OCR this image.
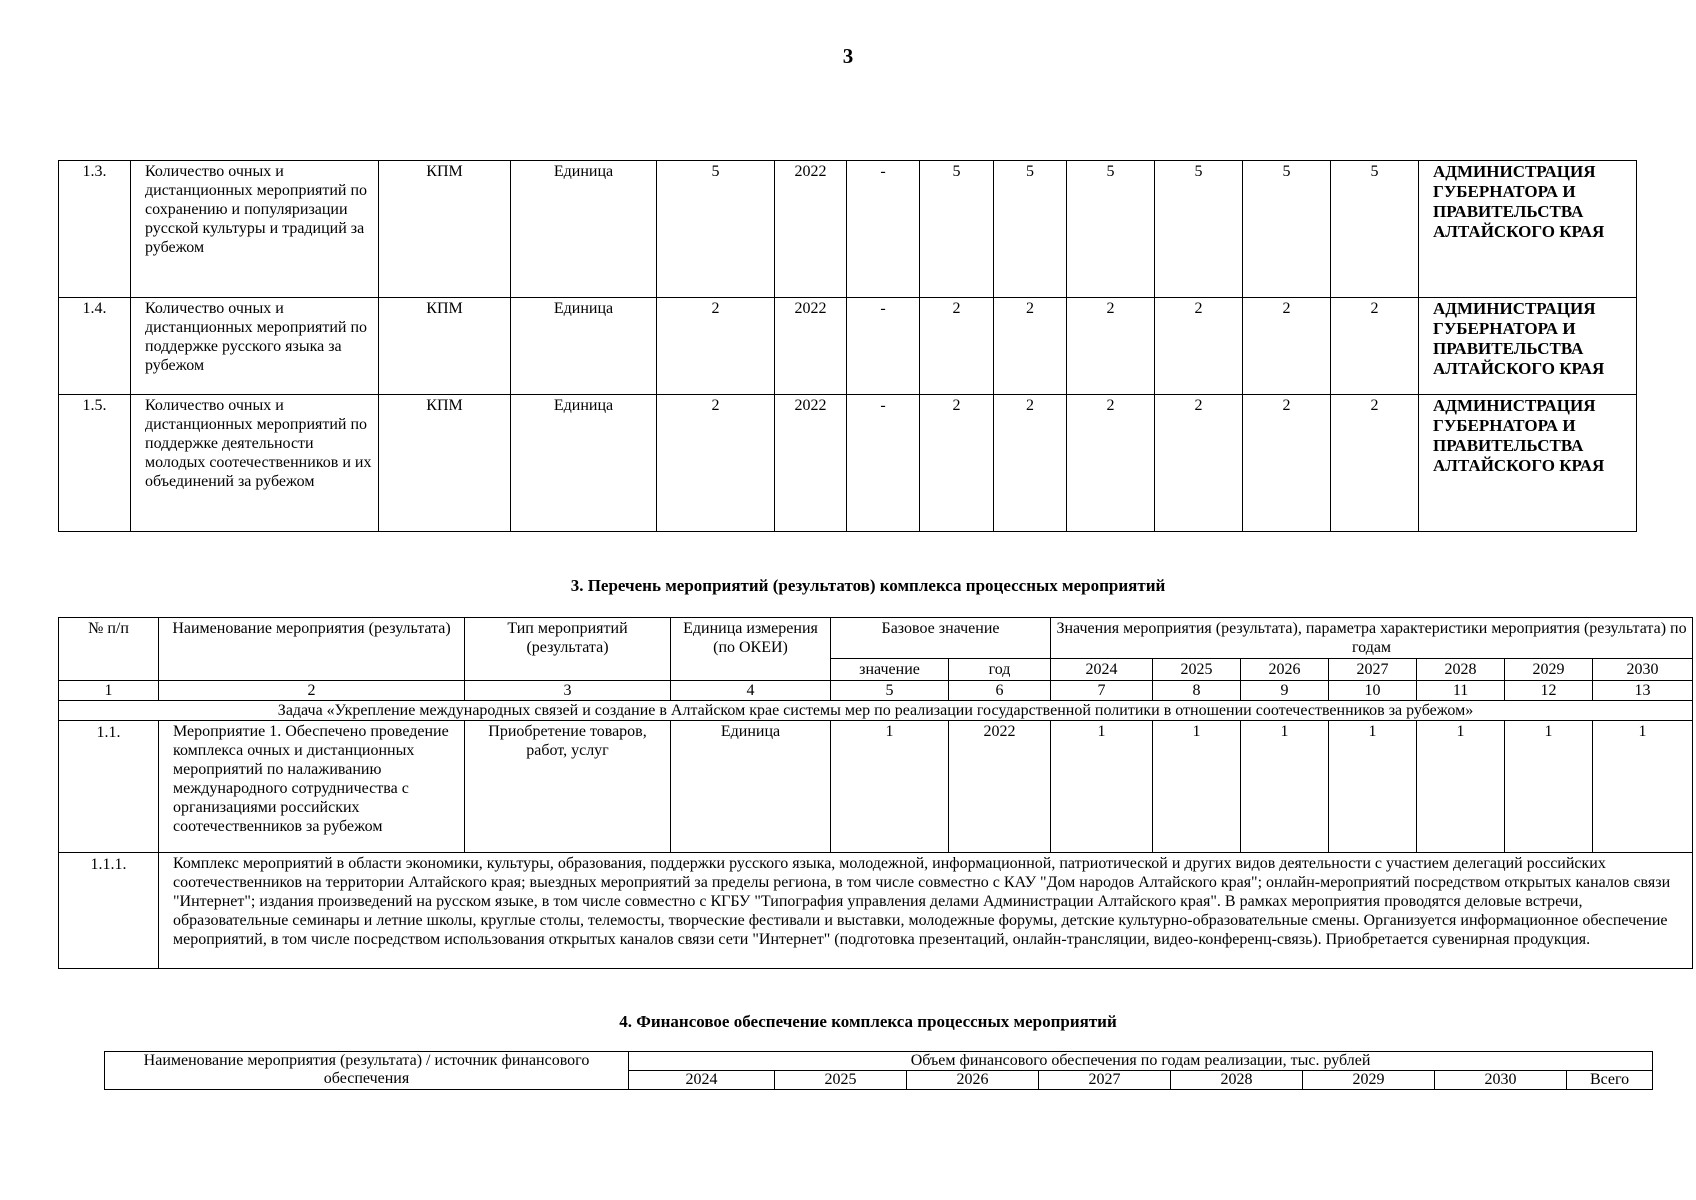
3
1.3.	Количество очных и дистанционных мероприятий по сохранению и популяризации русской культуры и традиций за рубежом	КПМ	Единица	5	2022	-	5	5	5	5	5	5	АДМИНИСТРАЦИЯ ГУБЕРНАТОРА И ПРАВИТЕЛЬСТВА АЛТАЙСКОГО КРАЯ
1.4.	Количество очных и дистанционных мероприятий по поддержке русского языка за рубежом	КПМ	Единица	2	2022	-	2	2	2	2	2	2	АДМИНИСТРАЦИЯ ГУБЕРНАТОРА И ПРАВИТЕЛЬСТВА АЛТАЙСКОГО КРАЯ
1.5.	Количество очных и дистанционных мероприятий по поддержке деятельности молодых соотечественников и их объединений за рубежом	КПМ	Единица	2	2022	-	2	2	2	2	2	2	АДМИНИСТРАЦИЯ ГУБЕРНАТОРА И ПРАВИТЕЛЬСТВА АЛТАЙСКОГО КРАЯ
3. Перечень мероприятий (результатов) комплекса процессных мероприятий
№ п/п	Наименование мероприятия (результата)	Тип мероприятий (результата)	Единица измерения (по ОКЕИ)	Базовое значение		Значения мероприятия (результата), параметра характеристики мероприятия (результата) по годам						
				значение	год	2024	2025	2026	2027	2028	2029	2030
1	2	3	4	5	6	7	8	9	10	11	12	13
Задача «Укрепление международных связей и создание в Алтайском крае системы мер по реализации государственной политики в отношении соотечественников за рубежом»												
1.1.	Мероприятие 1. Обеспечено проведение комплекса очных и дистанционных мероприятий по налаживанию международного сотрудничества с организациями российских соотечественников за рубежом	Приобретение товаров, работ, услуг	Единица	1	2022	1	1	1	1	1	1	1
1.1.1.	Комплекс мероприятий в области экономики, культуры, образования, поддержки русского языка, молодежной, информационной, патриотической и других видов деятельности с участием делегаций российских соотечественников на территории Алтайского края; выездных мероприятий за пределы региона, в том числе совместно с КАУ "Дом народов Алтайского края"; онлайн-мероприятий посредством открытых каналов связи "Интернет"; издания произведений на русском языке, в том числе совместно с КГБУ "Типография управления делами Администрации Алтайского края". В рамках мероприятия проводятся деловые встречи, образовательные семинары и летние школы, круглые столы, телемосты, творческие фестивали и выставки, молодежные форумы, детские культурно-образовательные смены. Организуется информационное обеспечение мероприятий, в том числе посредством использования открытых каналов связи сети "Интернет" (подготовка презентаций, онлайн-трансляции, видео-конференц-связь). Приобретается сувенирная продукция.											
4. Финансовое обеспечение комплекса процессных мероприятий
Наименование мероприятия (результата) / источник финансового обеспечения	Объем финансового обеспечения по годам реализации, тыс. рублей							
	2024	2025	2026	2027	2028	2029	2030	Всего
